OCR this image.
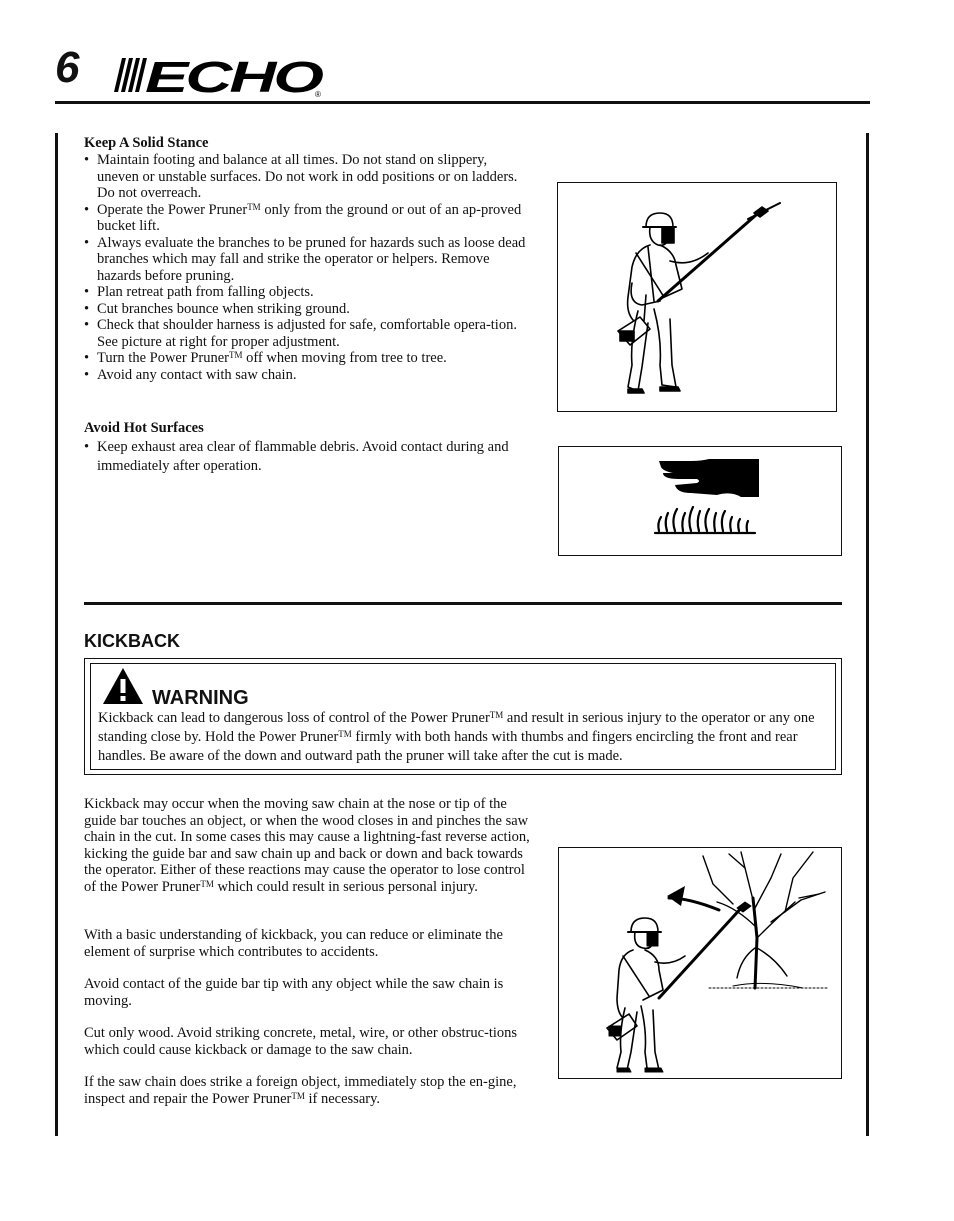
6 ECHO
®
Keep A Solid Stance
• Maintain footing and balance at all times. Do not stand on slippery, uneven or unstable surfaces. Do not work in odd positions or on ladders. Do not overreach.
• Operate the Power Pruner™ only from the ground or out of an ap-proved bucket lift.
• Always evaluate the branches to be pruned for hazards such as loose dead branches which may fall and strike the operator or helpers. Remove hazards before pruning.
• Plan retreat path from falling objects.
• Cut branches bounce when striking ground.
• Check that shoulder harness is adjusted for safe, comfortable opera-tion. See picture at right for proper adjustment.
• Turn the Power Pruner™ off when moving from tree to tree.
• Avoid any contact with saw chain.
Avoid Hot Surfaces
• Keep exhaust area clear of flammable debris. Avoid contact during and immediately after operation.
KICKBACK
WARNING
Kickback can lead to dangerous loss of control of the Power Pruner™ and result in serious injury to the operator or any one standing close by. Hold the Power Pruner™ firmly with both hands with thumbs and fingers encircling the front and rear handles. Be aware of the down and outward path the pruner will take after the cut is made.
Kickback may occur when the moving saw chain at the nose or tip of the guide bar touches an object, or when the wood closes in and pinches the saw chain in the cut. In some cases this may cause a lightning-fast reverse action, kicking the guide bar and saw chain up and back or down and back towards the operator. Either of these reactions may cause the operator to lose control of the Power Pruner™ which could result in serious personal injury.
With a basic understanding of kickback, you can reduce or eliminate the element of surprise which contributes to accidents.
Avoid contact of the guide bar tip with any object while the saw chain is moving.
Cut only wood. Avoid striking concrete, metal, wire, or other obstruc-tions which could cause kickback or damage to the saw chain.
If the saw chain does strike a foreign object, immediately stop the en-gine, inspect and repair the Power Pruner™ if necessary.
